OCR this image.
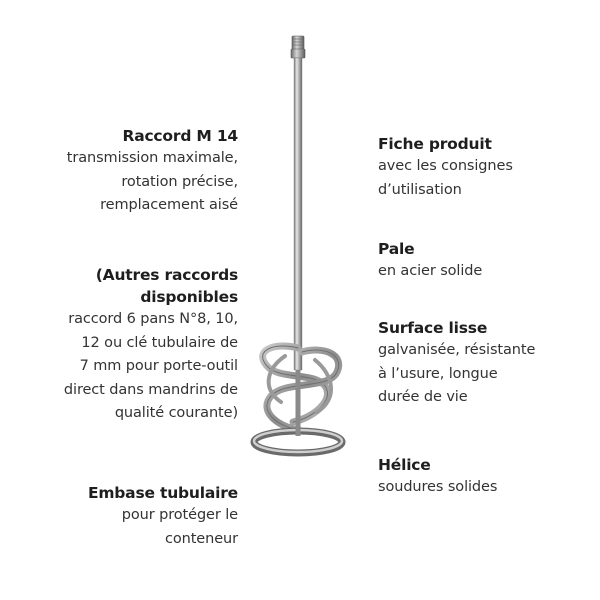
Raccord M 14
transmission maximale,
rotation précise,
remplacement aisé
(Autres raccords
disponibles
raccord 6 pans N°8, 10,
12 ou clé tubulaire de
7 mm pour porte-outil
direct dans mandrins de
qualité courante)
Embase tubulaire
pour protéger le
conteneur
Fiche produit
avec les consignes
d’utilisation
Pale
en acier solide
Surface lisse
galvanisée, résistante
à l’usure, longue
durée de vie
Hélice
soudures solides
